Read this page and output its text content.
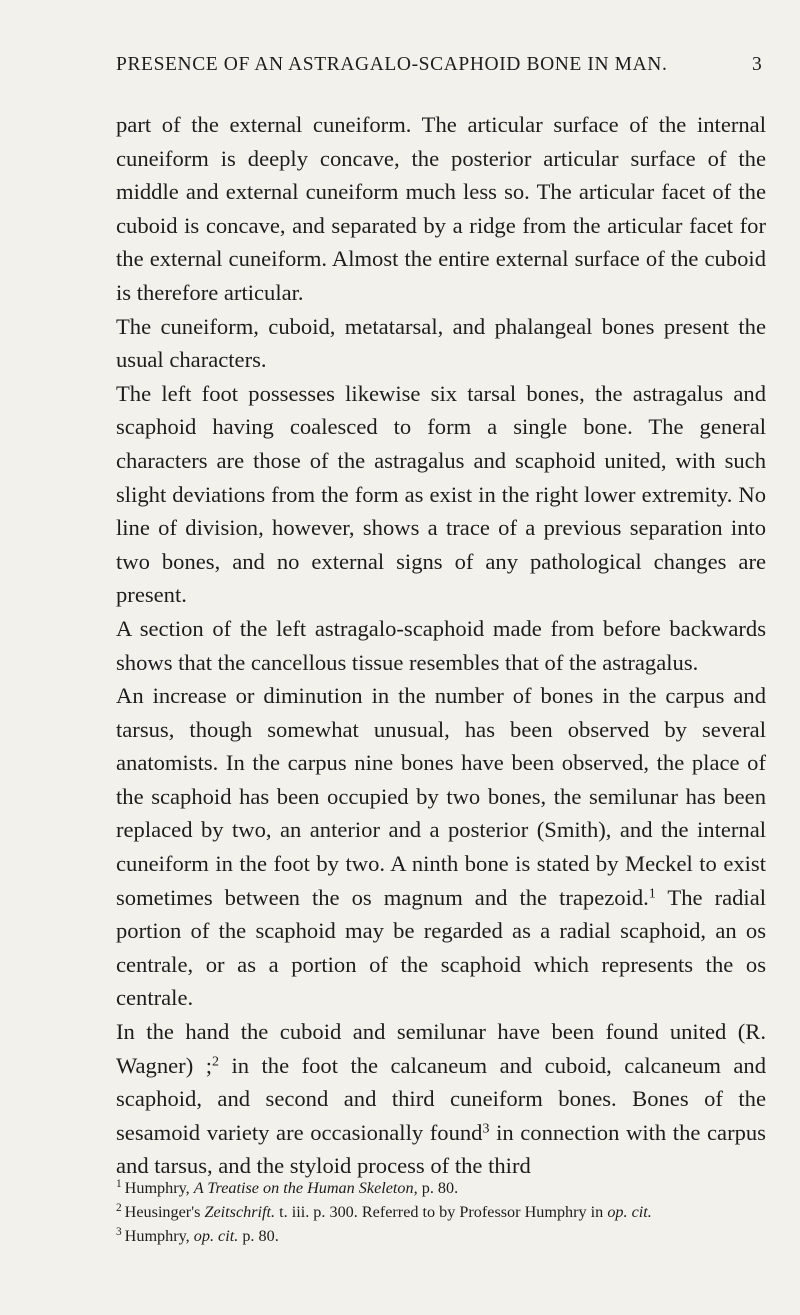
PRESENCE OF AN ASTRAGALO-SCAPHOID BONE IN MAN.	3

part of the external cuneiform. The articular surface of the internal cuneiform is deeply concave, the posterior articular surface of the middle and external cuneiform much less so. The articular facet of the cuboid is concave, and separated by a ridge from the articular facet for the external cuneiform. Almost the entire external surface of the cuboid is therefore articular.

The cuneiform, cuboid, metatarsal, and phalangeal bones present the usual characters.

The left foot possesses likewise six tarsal bones, the astragalus and scaphoid having coalesced to form a single bone. The general characters are those of the astragalus and scaphoid united, with such slight deviations from the form as exist in the right lower extremity. No line of division, however, shows a trace of a previous separation into two bones, and no external signs of any pathological changes are present.

A section of the left astragalo-scaphoid made from before backwards shows that the cancellous tissue resembles that of the astragalus.

An increase or diminution in the number of bones in the carpus and tarsus, though somewhat unusual, has been observed by several anatomists. In the carpus nine bones have been observed, the place of the scaphoid has been occupied by two bones, the semilunar has been replaced by two, an anterior and a posterior (Smith), and the internal cuneiform in the foot by two. A ninth bone is stated by Meckel to exist sometimes between the os magnum and the trapezoid.$^1$ The radial portion of the scaphoid may be regarded as a radial scaphoid, an os centrale, or as a portion of the scaphoid which represents the os centrale.

In the hand the cuboid and semilunar have been found united (R. Wagner) ;$^2$ in the foot the calcaneum and cuboid, calcaneum and scaphoid, and second and third cuneiform bones. Bones of the sesamoid variety are occasionally found$^3$ in connection with the carpus and tarsus, and the styloid process of the third

$^1$ Humphry, A Treatise on the Human Skeleton, p. 80.

$^2$ Heusinger's Zeitschrift. t. iii. p. 300. Referred to by Professor Humphry in op. cit.

$^3$ Humphry, op. cit. p. 80.
